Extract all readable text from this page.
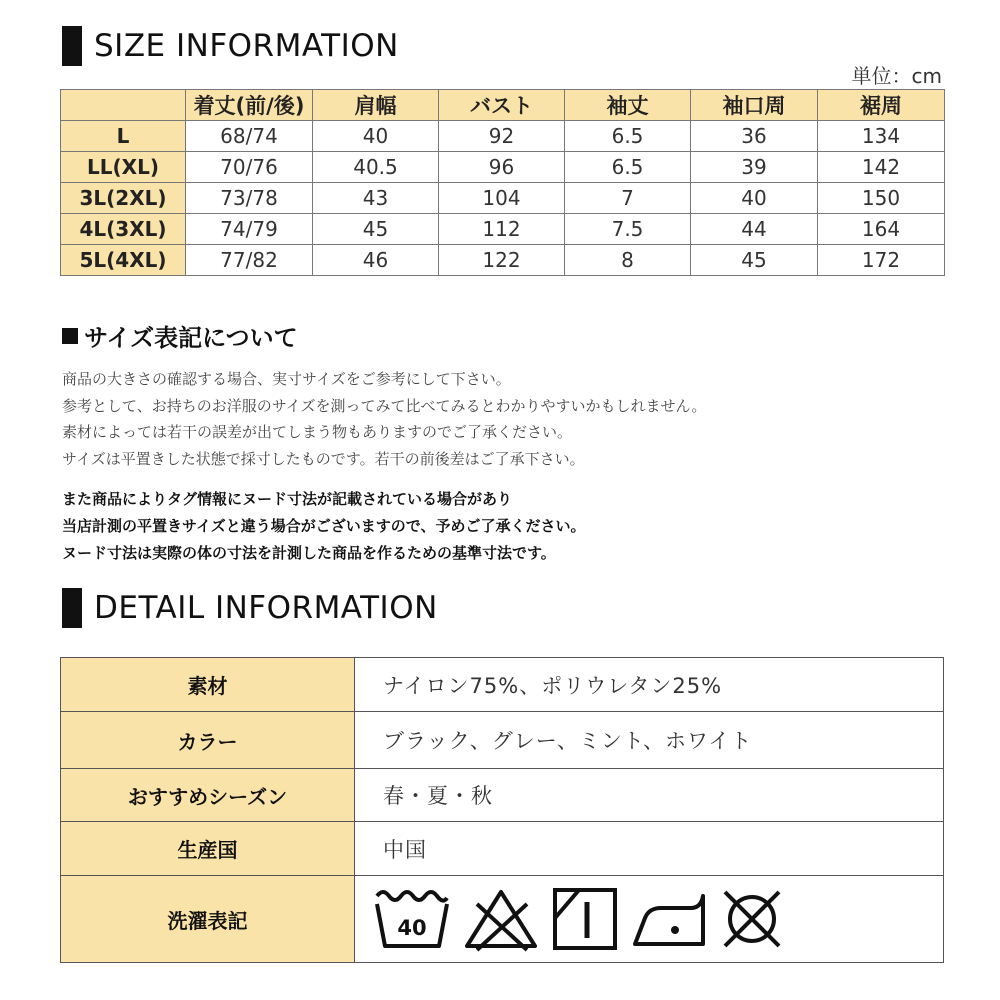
SIZE INFORMATION
単位：cm
	着丈(前/後)	肩幅	バスト	袖丈	袖口周	裾周
L	68/74	40	92	6.5	36	134
LL(XL)	70/76	40.5	96	6.5	39	142
3L(2XL)	73/78	43	104	7	40	150
4L(3XL)	74/79	45	112	7.5	44	164
5L(4XL)	77/82	46	122	8	45	172
サイズ表記について

商品の大きさの確認する場合、実寸サイズをご参考にして下さい。

参考として、お持ちのお洋服のサイズを測ってみて比べてみるとわかりやすいかもしれません。

素材によっては若干の誤差が出てしまう物もありますのでご了承ください。

サイズは平置きした状態で採寸したものです。若干の前後差はご了承下さい。

また商品によりタグ情報にヌード寸法が記載されている場合があり

当店計測の平置きサイズと違う場合がございますので、予めご了承ください。

ヌード寸法は実際の体の寸法を計測した商品を作るための基準寸法です。

DETAIL INFORMATION
素材	ナイロン75%、ポリウレタン25%
カラー	ブラック、グレー、ミント、ホワイト
おすすめシーズン	春・夏・秋
生産国	中国
洗濯表記	40
